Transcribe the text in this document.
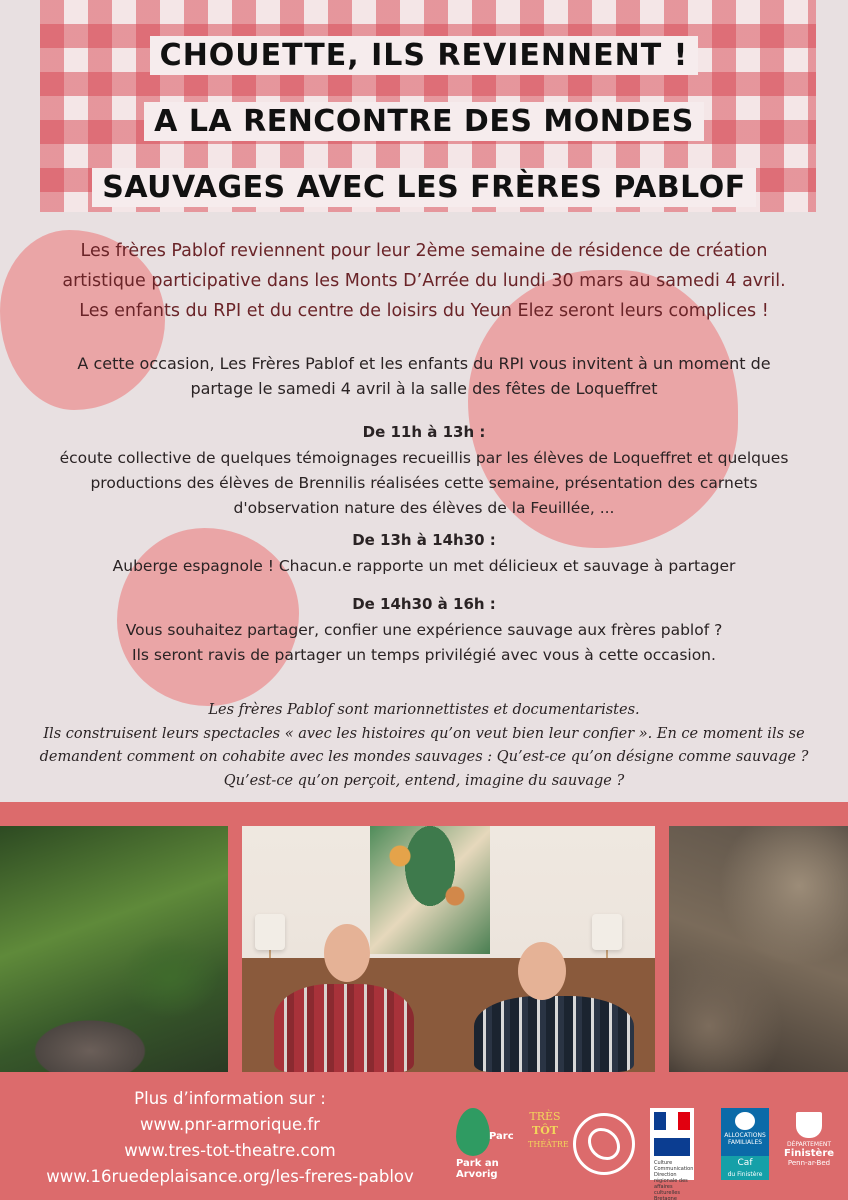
CHOUETTE, ILS REVIENNENT !
A LA RENCONTRE DES MONDES
SAUVAGES AVEC LES FRÈRES PABLOF
Les frères Pablof reviennent pour leur 2ème semaine de résidence de création
artistique participative dans les Monts D’Arrée du lundi 30 mars au samedi 4 avril.
Les enfants du RPI et du centre de loisirs du Yeun Elez seront leurs complices !
A cette occasion, Les Frères Pablof et les enfants du RPI vous invitent à un moment de
partage le samedi 4 avril à la salle des fêtes de Loqueffret
De 11h à 13h :
écoute collective de quelques témoignages recueillis par les élèves de Loqueffret et quelques
productions des élèves de Brennilis réalisées cette semaine, présentation des carnets
d'observation nature des élèves de la Feuillée, ...
De 13h à 14h30 :
Auberge espagnole ! Chacun.e rapporte un met délicieux et sauvage à partager
De 14h30 à 16h :
Vous souhaitez partager, confier une expérience sauvage aux frères pablof ?
Ils seront ravis de partager un temps privilégié avec vous à cette occasion.
Les frères Pablof sont marionnettistes et documentaristes.
Ils construisent leurs spectacles « avec les histoires qu’on veut bien leur confier ». En ce moment ils se
demandent comment on cohabite avec les mondes sauvages : Qu’est-ce qu’on désigne comme sauvage ?
Qu’est-ce qu’on perçoit, entend, imagine du sauvage ?
Plus d’information sur :
www.pnr-armorique.fr
www.tres-tot-theatre.com
www.16ruedeplaisance.org/les-freres-pablov
Parc
Park an Arvorig
TRÈS
TÔT
THÉÂTRE
Culture Communication Direction régionale des affaires culturelles Bretagne
ALLOCATIONS FAMILIALES
Caf
du Finistère
DÉPARTEMENT
Finistère
Penn-ar-Bed
